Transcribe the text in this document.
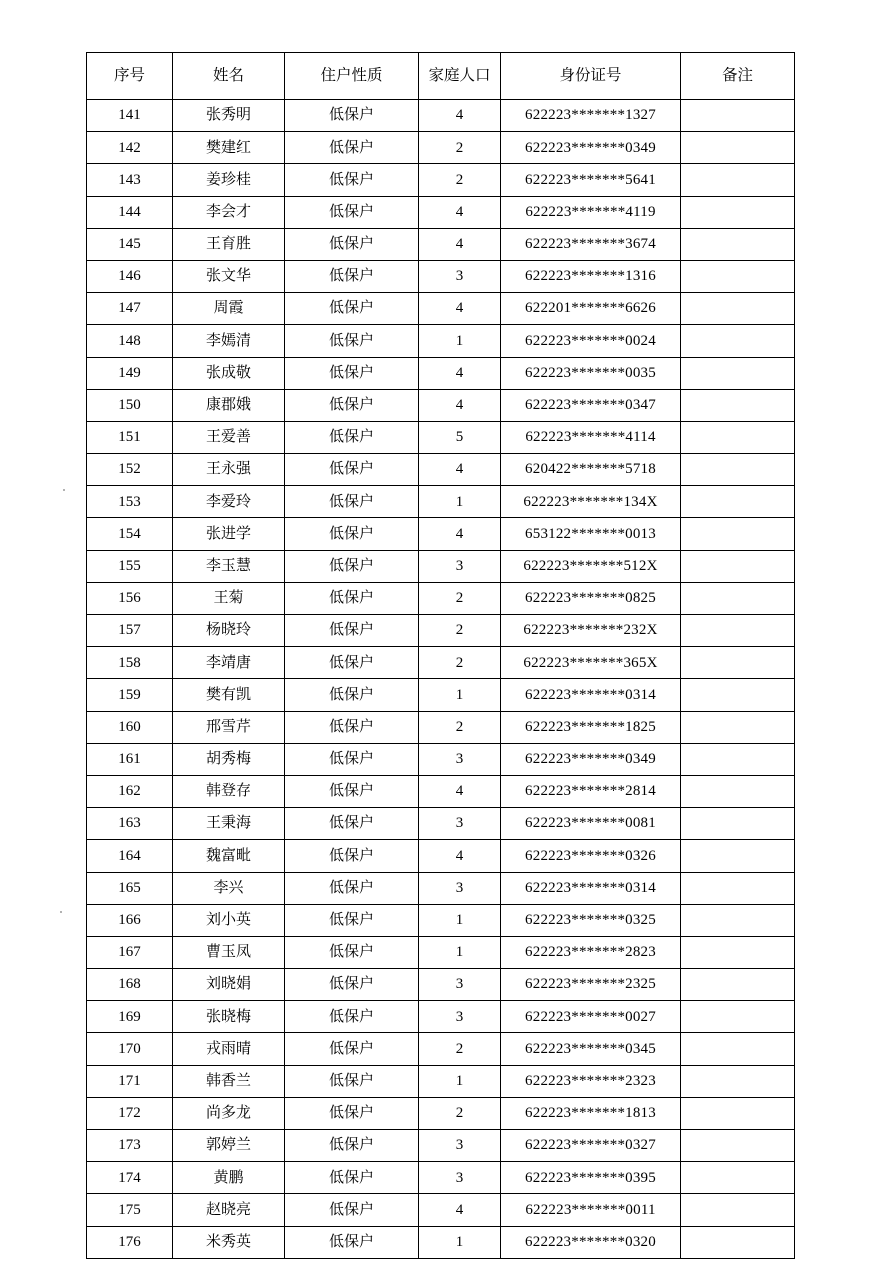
序号	姓名	住户性质	家庭人口	身份证号	备注
141	张秀明	低保户	4	622223*******1327	
142	樊建红	低保户	2	622223*******0349	
143	姜珍桂	低保户	2	622223*******5641	
144	李会才	低保户	4	622223*******4119	
145	王育胜	低保户	4	622223*******3674	
146	张文华	低保户	3	622223*******1316	
147	周霞	低保户	4	622201*******6626	
148	李嫣清	低保户	1	622223*******0024	
149	张成敬	低保户	4	622223*******0035	
150	康郡娥	低保户	4	622223*******0347	
151	王爱善	低保户	5	622223*******4114	
152	王永强	低保户	4	620422*******5718	
153	李爱玲	低保户	1	622223*******134X	
154	张进学	低保户	4	653122*******0013	
155	李玉慧	低保户	3	622223*******512X	
156	王菊	低保户	2	622223*******0825	
157	杨晓玲	低保户	2	622223*******232X	
158	李靖唐	低保户	2	622223*******365X	
159	樊有凯	低保户	1	622223*******0314	
160	邢雪芹	低保户	2	622223*******1825	
161	胡秀梅	低保户	3	622223*******0349	
162	韩登存	低保户	4	622223*******2814	
163	王秉海	低保户	3	622223*******0081	
164	魏富毗	低保户	4	622223*******0326	
165	李兴	低保户	3	622223*******0314	
166	刘小英	低保户	1	622223*******0325	
167	曹玉凤	低保户	1	622223*******2823	
168	刘晓娟	低保户	3	622223*******2325	
169	张晓梅	低保户	3	622223*******0027	
170	戎雨晴	低保户	2	622223*******0345	
171	韩香兰	低保户	1	622223*******2323	
172	尚多龙	低保户	2	622223*******1813	
173	郭婷兰	低保户	3	622223*******0327	
174	黄鹏	低保户	3	622223*******0395	
175	赵晓亮	低保户	4	622223*******0011	
176	米秀英	低保户	1	622223*******0320	
